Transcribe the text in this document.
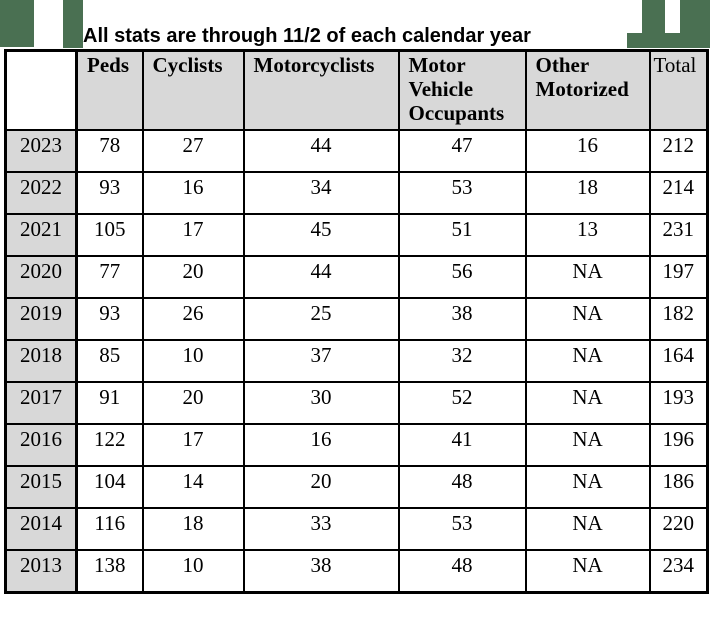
All stats are through 11/2 of each calendar year
	Peds	Cyclists	Motorcyclists	Motor Vehicle Occupants	Other Motorized	Total
2023	78	27	44	47	16	212
2022	93	16	34	53	18	214
2021	105	17	45	51	13	231
2020	77	20	44	56	NA	197
2019	93	26	25	38	NA	182
2018	85	10	37	32	NA	164
2017	91	20	30	52	NA	193
2016	122	17	16	41	NA	196
2015	104	14	20	48	NA	186
2014	116	18	33	53	NA	220
2013	138	10	38	48	NA	234
